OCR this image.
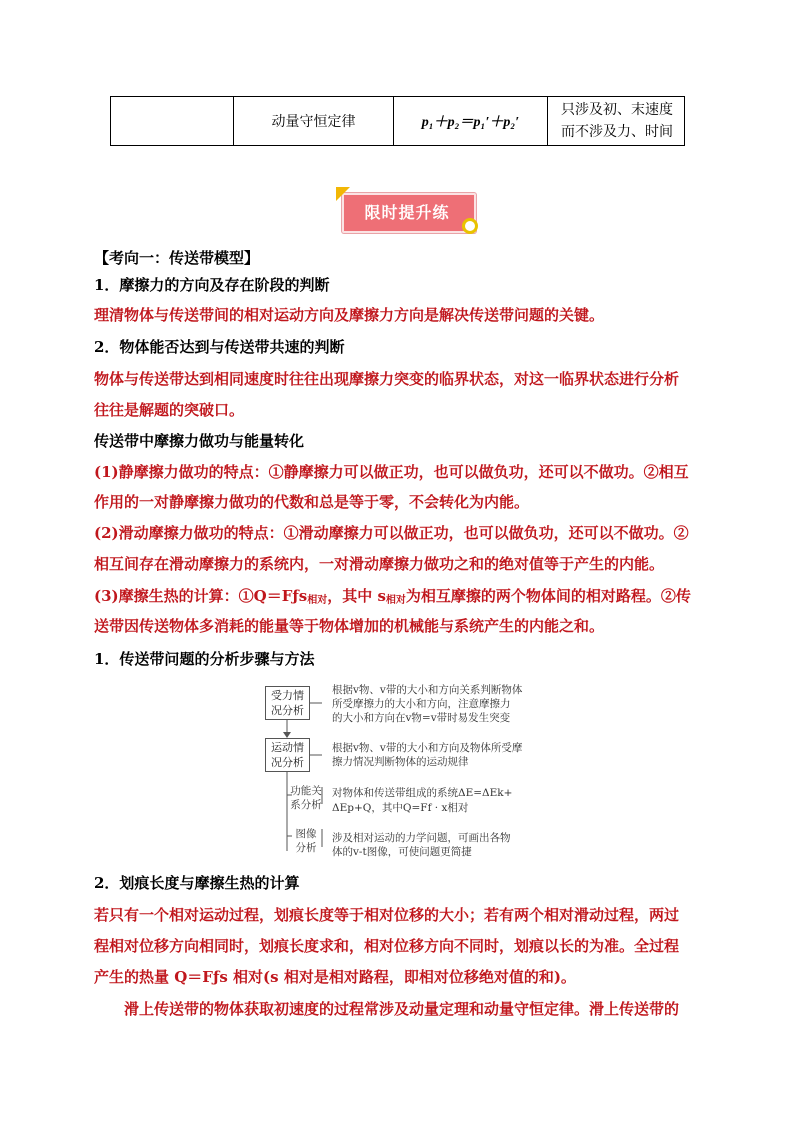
动量守恒定律	p₁＋p₂＝p₁′＋p₂′
只涉及初、末速度
而不涉及力、时间
限时提升练
【考向一：传送带模型】
1．摩擦力的方向及存在阶段的判断
理清物体与传送带间的相对运动方向及摩擦力方向是解决传送带问题的关键。
2．物体能否达到与传送带共速的判断
物体与传送带达到相同速度时往往出现摩擦力突变的临界状态，对这一临界状态进行分析
往往是解题的突破口。
传送带中摩擦力做功与能量转化
(1)静摩擦力做功的特点：①静摩擦力可以做正功，也可以做负功，还可以不做功。②相互
作用的一对静摩擦力做功的代数和总是等于零，不会转化为内能。
(2)滑动摩擦力做功的特点：①滑动摩擦力可以做正功，也可以做负功，还可以不做功。②
相互间存在滑动摩擦力的系统内，一对滑动摩擦力做功之和的绝对值等于产生的内能。
(3)摩擦生热的计算：①Q＝Fƒs$_{相对}$，其中 $s_{相对}$为相互摩擦的两个物体间的相对路程。②传
送带因传送物体多消耗的能量等于物体增加的机械能与系统产生的内能之和。
1．传送带问题的分析步骤与方法
受力情况分析
根据v物、v带的大小和方向关系判断物体
所受摩擦力的大小和方向，注意摩擦力
的大小和方向在v物=v带时易发生突变
运动情况分析
根据v物、v带的大小和方向及物体所受摩
擦力情况判断物体的运动规律
功能关
系分析
对物体和传送带组成的系统ΔE=ΔEk+
ΔEp+Q，其中Q=Ff · x相对
图像
分析
涉及相对运动的力学问题，可画出各物
体的v-t图像，可使问题更简捷
2．划痕长度与摩擦生热的计算
若只有一个相对运动过程，划痕长度等于相对位移的大小；若有两个相对滑动过程，两过
程相对位移方向相同时，划痕长度求和，相对位移方向不同时，划痕以长的为准。全过程
产生的热量 Q＝Fƒs 相对(s 相对是相对路程，即相对位移绝对值的和)。
滑上传送带的物体获取初速度的过程常涉及动量定理和动量守恒定律。滑上传送带的
